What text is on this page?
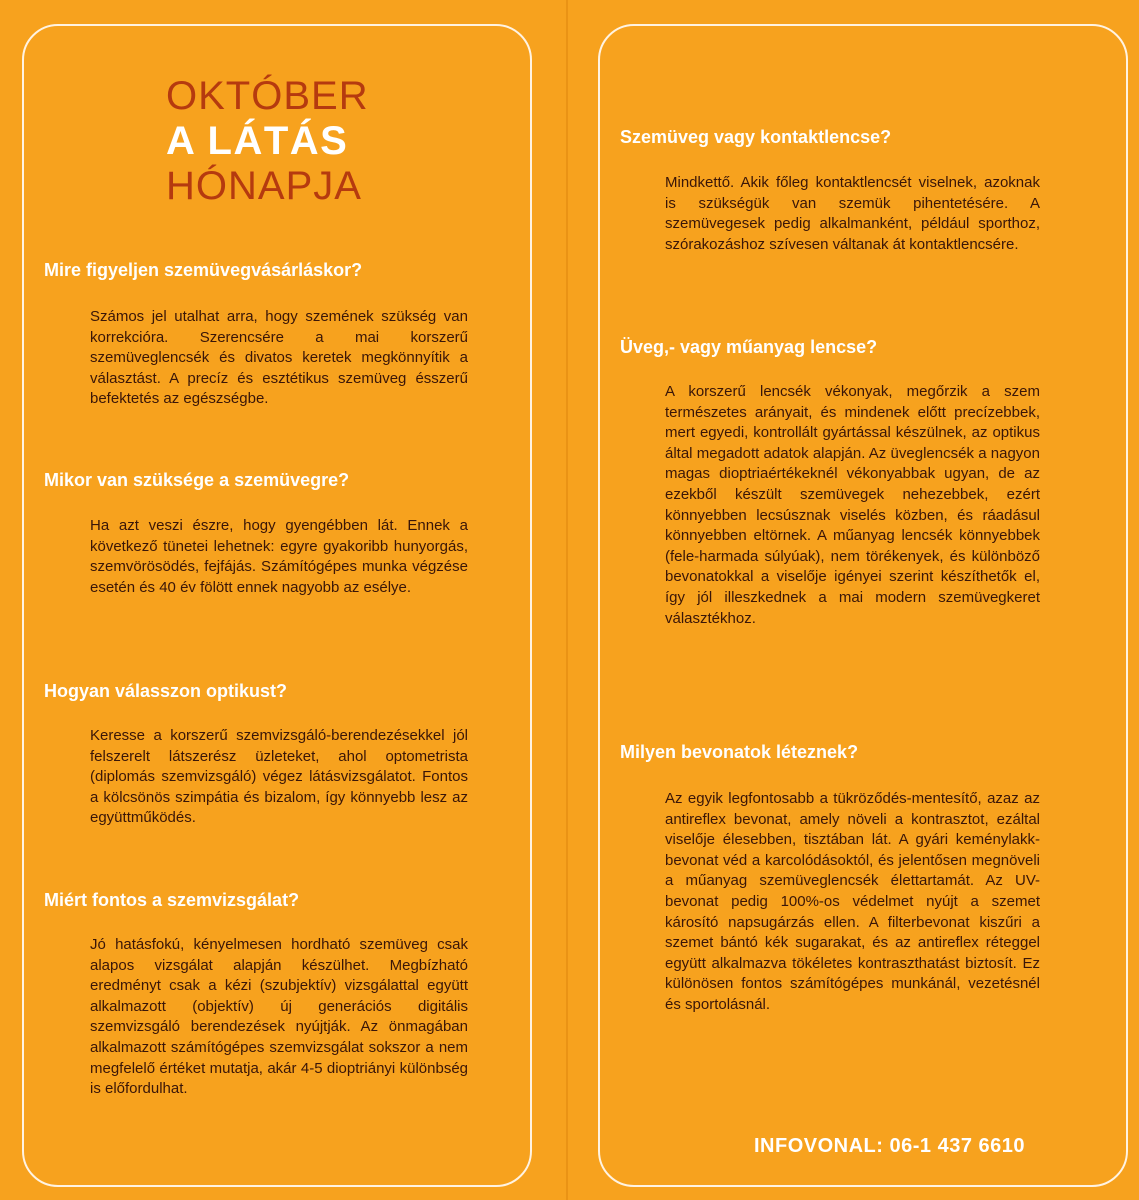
OKTÓBER
A LÁTÁS
HÓNAPJA
Mire figyeljen szemüvegvásárláskor?

Számos jel utalhat arra, hogy szemének szükség van korrekcióra. Szerencsére a mai korszerű szemüveglencsék és divatos keretek megkönnyítik a választást. A precíz és esztétikus szemüveg ésszerű befektetés az egészségbe.

Mikor van szüksége a szemüvegre?

Ha azt veszi észre, hogy gyengébben lát. Ennek a következő tünetei lehetnek: egyre gyakoribb hunyorgás, szemvörösödés, fejfájás. Számítógépes munka végzése esetén és 40 év fölött ennek nagyobb az esélye.

Hogyan válasszon optikust?

Keresse a korszerű szemvizsgáló-berendezésekkel jól felszerelt látszerész üzleteket, ahol optometrista (diplomás szemvizsgáló) végez látásvizsgálatot. Fontos a kölcsönös szimpátia és bizalom, így könnyebb lesz az együttműködés.

Miért fontos a szemvizsgálat?

Jó hatásfokú, kényelmesen hordható szemüveg csak alapos vizsgálat alapján készülhet. Megbízható eredményt csak a kézi (szubjektív) vizsgálattal együtt alkalmazott (objektív) új generációs digitális szemvizsgáló berendezések nyújtják. Az önmagában alkalmazott számítógépes szemvizsgálat sokszor a nem megfelelő értéket mutatja, akár 4-5 dioptriányi különbség is előfordulhat.

Szemüveg vagy kontaktlencse?

Mindkettő. Akik főleg kontaktlencsét viselnek, azoknak is szükségük van szemük pihentetésére. A szemüvegesek pedig alkalmanként, például sporthoz, szórakozáshoz szívesen váltanak át kontaktlencsére.

Üveg,- vagy műanyag lencse?

A korszerű lencsék vékonyak, megőrzik a szem természetes arányait, és mindenek előtt precízebbek, mert egyedi, kontrollált gyártással készülnek, az optikus által megadott adatok alapján. Az üveglencsék a nagyon magas dioptriaértékeknél vékonyabbak ugyan, de az ezekből készült szemüvegek nehezebbek, ezért könnyebben lecsúsznak viselés közben, és ráadásul könnyebben eltörnek. A műanyag lencsék könnyebbek (fele-harmada súlyúak), nem törékenyek, és különböző bevonatokkal a viselője igényei szerint készíthetők el, így jól illeszkednek a mai modern szemüvegkeret választékhoz.

Milyen bevonatok léteznek?

Az egyik legfontosabb a tükröződés-mentesítő, azaz az antireflex bevonat, amely növeli a kontrasztot, ezáltal viselője élesebben, tisztában lát. A gyári keménylakk-bevonat véd a karcolódásoktól, és jelentősen megnöveli a műanyag szemüveglencsék élettartamát. Az UV-bevonat pedig 100%-os védelmet nyújt a szemet károsító napsugárzás ellen. A filterbevonat kiszűri a szemet bántó kék sugarakat, és az antireflex réteggel együtt alkalmazva tökéletes kontraszthatást biztosít. Ez különösen fontos számítógépes munkánál, vezetésnél és sportolásnál.

INFOVONAL: 06-1 437 6610
